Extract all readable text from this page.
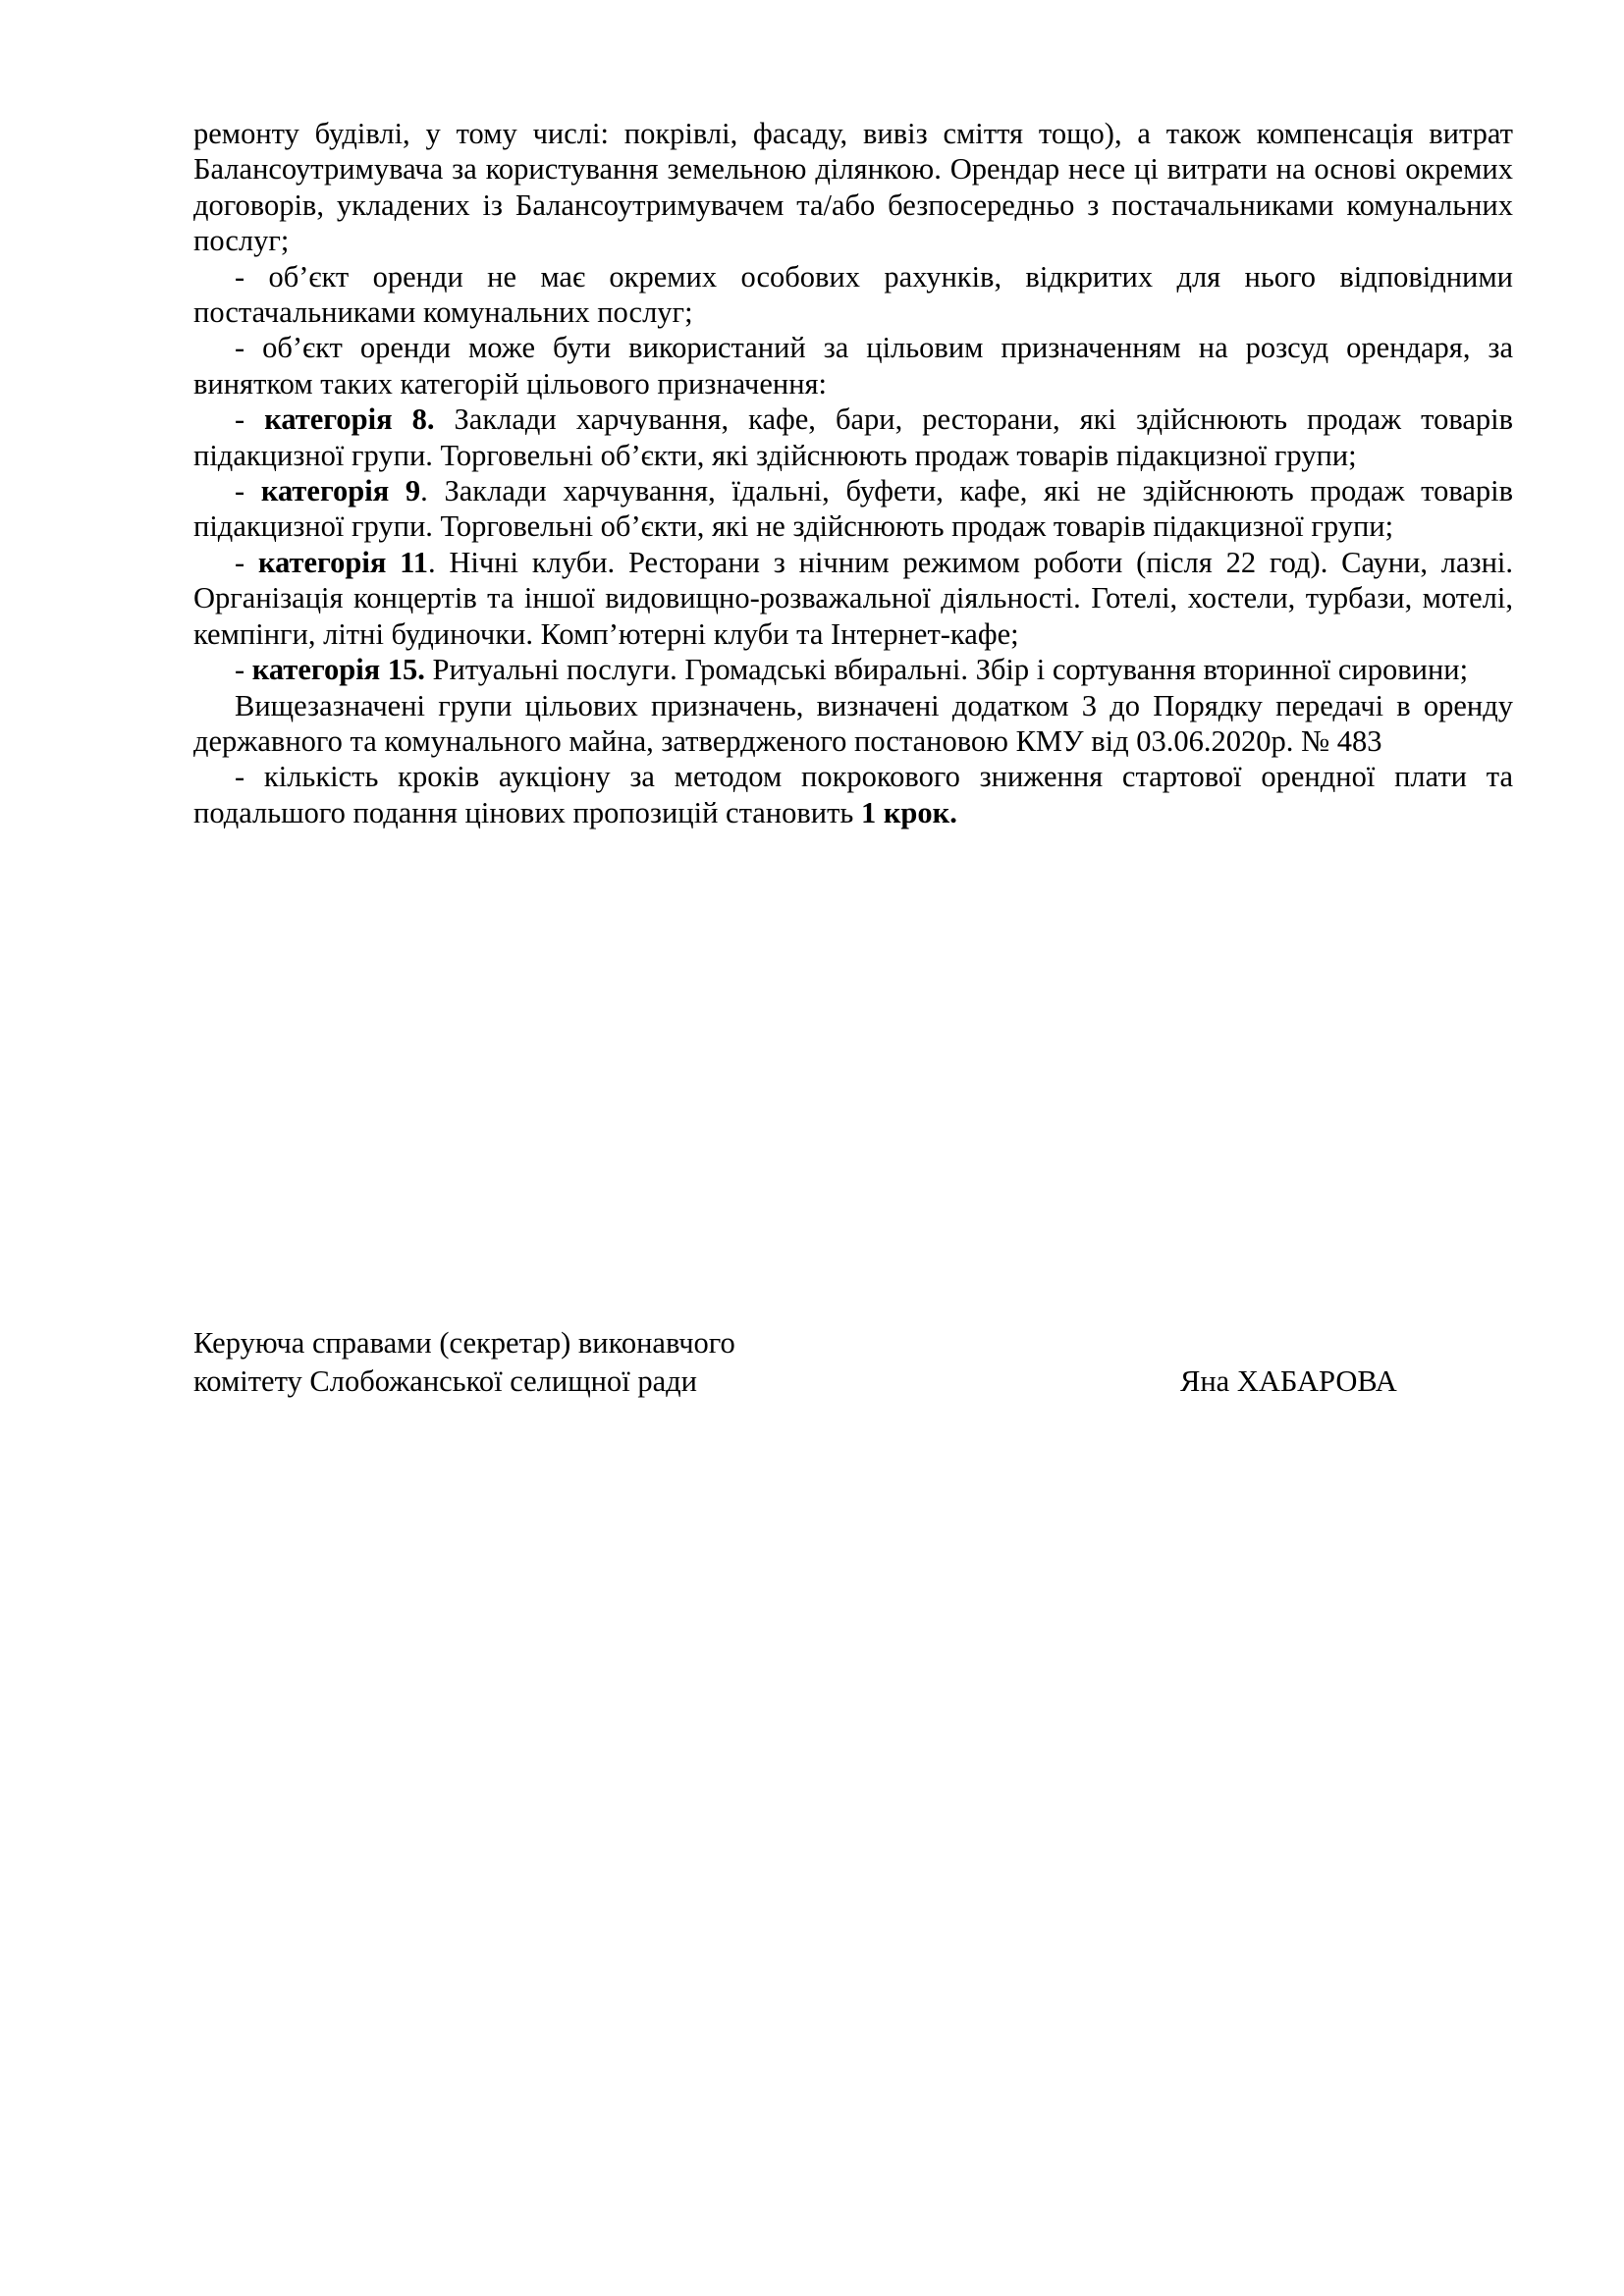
ремонту будівлі, у тому числі: покрівлі, фасаду, вивіз сміття тощо), а також компенсація витрат Балансоутримувача за користування земельною ділянкою. Орендар несе ці витрати на основі окремих договорів, укладених із Балансоутримувачем та/або безпосередньо з постачальниками комунальних послуг;

- об’єкт оренди не має окремих особових рахунків, відкритих для нього відповідними постачальниками комунальних послуг;

- об’єкт оренди може бути використаний за цільовим призначенням на розсуд орендаря, за винятком таких категорій цільового призначення:

- категорія 8. Заклади харчування, кафе, бари, ресторани, які здійснюють продаж товарів підакцизної групи. Торговельні об’єкти, які здійснюють продаж товарів підакцизної групи;

- категорія 9. Заклади харчування, їдальні, буфети, кафе, які не здійснюють продаж товарів підакцизної групи. Торговельні об’єкти, які не здійснюють продаж товарів підакцизної групи;

- категорія 11. Нічні клуби. Ресторани з нічним режимом роботи (після 22 год). Сауни, лазні. Організація концертів та іншої видовищно-розважальної діяльності. Готелі, хостели, турбази, мотелі, кемпінги, літні будиночки. Комп’ютерні клуби та Інтернет-кафе;

- категорія 15. Ритуальні послуги. Громадські вбиральні. Збір і сортування вторинної сировини;

Вищезазначені групи цільових призначень, визначені додатком 3 до Порядку передачі в оренду державного та комунального майна, затвердженого постановою КМУ від 03.06.2020р. № 483

- кількість кроків аукціону за методом покрокового зниження стартової орендної плати та подальшого подання цінових пропозицій становить 1 крок.

Керуюча справами (секретар) виконавчого

комітету Слобожанської селищної ради	Яна ХАБАРОВА
